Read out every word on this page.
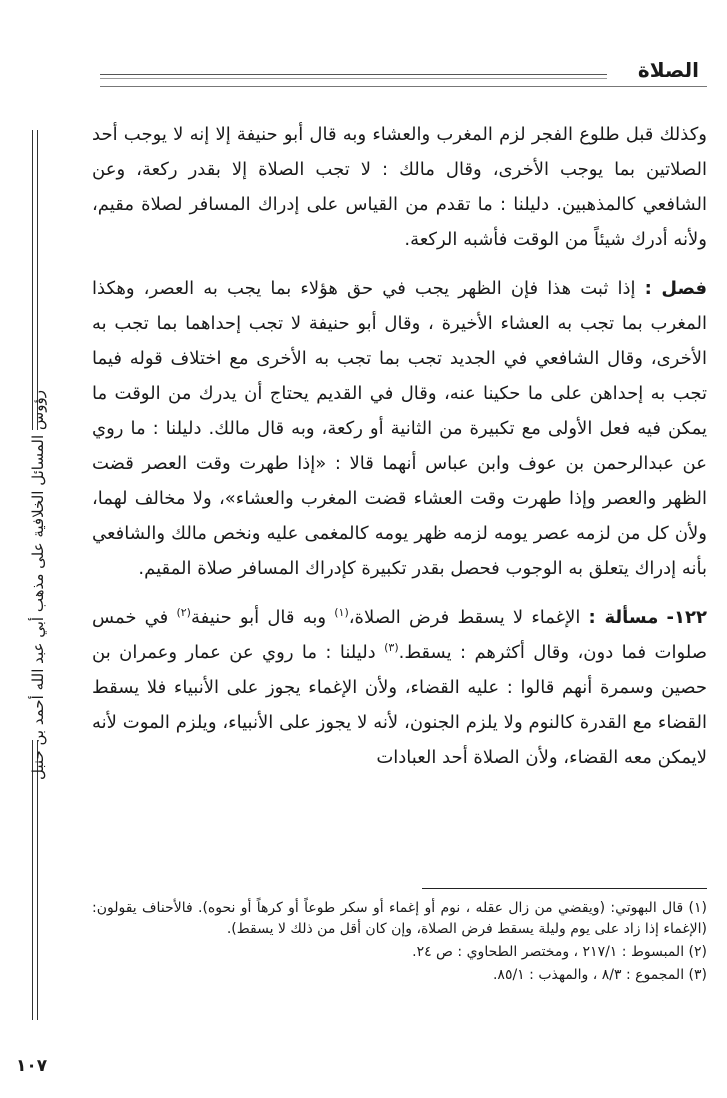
الصلاة
رؤوس المسائل الخلافية على مذهب أبي عبد الله أحمد بن حنبل

وكذلك قبل طلوع الفجر لزم المغرب والعشاء وبه قال أبو حنيفة إلا إنه لا يوجب أحد الصلاتين بما يوجب الأخرى، وقال مالك : لا تجب الصلاة إلا بقدر ركعة، وعن الشافعي كالمذهبين. دليلنا : ما تقدم من القياس على إدراك المسافر لصلاة مقيم، ولأنه أدرك شيئاً من الوقت فأشبه الركعة.

فصل : إذا ثبت هذا فإن الظهر يجب في حق هؤلاء بما يجب به العصر، وهكذا المغرب بما تجب به العشاء الأخيرة ، وقال أبو حنيفة لا تجب إحداهما بما تجب به الأخرى، وقال الشافعي في الجديد تجب بما تجب به الأخرى مع اختلاف قوله فيما تجب به إحداهن على ما حكينا عنه، وقال في القديم يحتاج أن يدرك من الوقت ما يمكن فيه فعل الأولى مع تكبيرة من الثانية أو ركعة، وبه قال مالك. دليلنا : ما روي عن عبدالرحمن بن عوف وابن عباس أنهما قالا : «إذا طهرت وقت العصر قضت الظهر والعصر وإذا طهرت وقت العشاء قضت المغرب والعشاء»، ولا مخالف لهما، ولأن كل من لزمه عصر يومه لزمه ظهر يومه كالمغمى عليه ونخص مالك والشافعي بأنه إدراك يتعلق به الوجوب فحصل بقدر تكبيرة كإدراك المسافر صلاة المقيم.

١٢٢- مسألة : الإغماء لا يسقط فرض الصلاة،$^{(١)}$ وبه قال أبو حنيفة$^{(٢)}$ في خمس صلوات فما دون، وقال أكثرهم : يسقط.$^{(٣)}$ دليلنا : ما روي عن عمار وعمران بن حصين وسمرة أنهم قالوا : عليه القضاء، ولأن الإغماء يجوز على الأنبياء فلا يسقط القضاء مع القدرة كالنوم ولا يلزم الجنون، لأنه لا يجوز على الأنبياء، ويلزم الموت لأنه لايمكن معه القضاء، ولأن الصلاة أحد العبادات

(١) قال البهوتي: (ويقضي من زال عقله ، نوم أو إغماء أو سكر طوعاً أو كرهاً أو نحوه). فالأحناف يقولون: (الإغماء إذا زاد على يوم وليلة يسقط فرض الصلاة، وإن كان أقل من ذلك لا يسقط).

(٢) المبسوط : ٢١٧/١ ، ومختصر الطحاوي : ص ٢٤.

(٣) المجموع : ٨/٣ ، والمهذب : ٨٥/١.

١٠٧
